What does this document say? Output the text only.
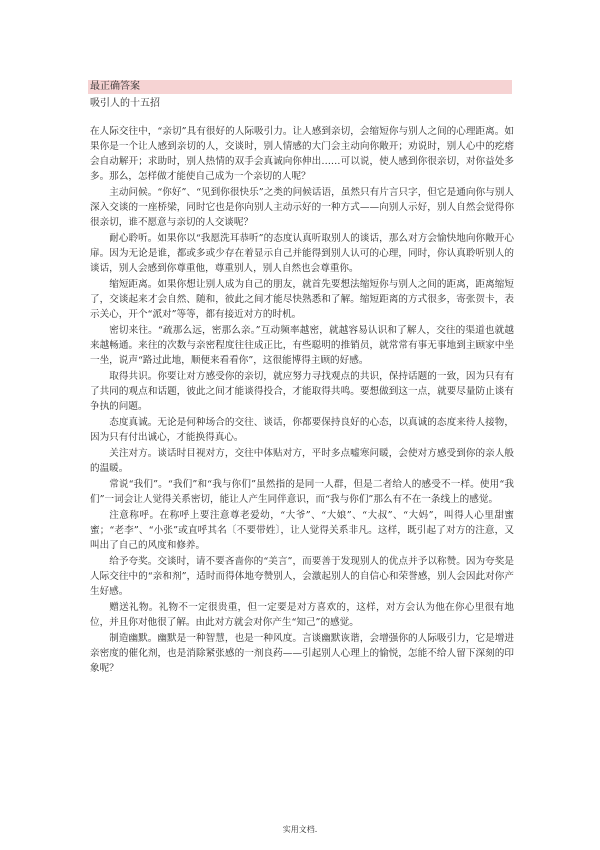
最正确答案
吸引人的十五招

在人际交往中，“亲切”具有很好的人际吸引力。让人感到亲切，会缩短你与别人之间的心理距离。如果你是一个让人感到亲切的人，交谈时，别人情感的大门会主动向你敞开；劝说时，别人心中的疙瘩会自动解开；求助时，别人热情的双手会真诚向你伸出……可以说，使人感到你很亲切，对你益处多多。那么，怎样做才能使自己成为一个亲切的人呢？

主动问候。“你好”、“见到你很快乐”之类的问候话语，虽然只有片言只字，但它是通向你与别人深入交谈的一座桥梁，同时它也是你向别人主动示好的一种方式——向别人示好，别人自然会觉得你很亲切，谁不愿意与亲切的人交谈呢？

耐心聆听。如果你以“我愿洗耳恭听”的态度认真听取别人的谈话，那么对方会愉快地向你敞开心扉。因为无论是谁，都或多或少存在着显示自己并能得到别人认可的心理，同时，你认真聆听别人的谈话，别人会感到你尊重他，尊重别人，别人自然也会尊重你。

缩短距离。如果你想让别人成为自己的朋友，就首先要想法缩短你与别人之间的距离，距离缩短了，交谈起来才会自然、随和，彼此之间才能尽快熟悉和了解。缩短距离的方式很多，寄张贺卡，表示关心，开个“派对”等等，都有接近对方的时机。

密切来往。“疏那么远，密那么亲。”互动频率越密，就越容易认识和了解人，交往的渠道也就越来越畅通。来往的次数与亲密程度往往成正比，有些聪明的推销员，就常常有事无事地到主顾家中坐一坐，说声“路过此地，顺便来看看你”，这很能博得主顾的好感。

取得共识。你要让对方感受你的亲切，就应努力寻找观点的共识，保持话题的一致，因为只有有了共同的观点和话题，彼此之间才能谈得投合，才能取得共鸣。要想做到这一点，就要尽量防止谈有争执的问题。

态度真诚。无论是何种场合的交往、谈话，你都要保持良好的心态，以真诚的态度来待人接物，因为只有付出诚心，才能换得真心。

关注对方。谈话时目视对方，交往中体贴对方，平时多点嘘寒问暖，会使对方感受到你的亲人般的温暖。

常说“我们”。“我们”和“我与你们”虽然指的是同一人群，但是二者给人的感受不一样。使用“我们”一词会让人觉得关系密切，能让人产生同伴意识，而“我与你们”那么有不在一条线上的感觉。

注意称呼。在称呼上要注意尊老爱幼，“大爷”、“大娘”、“大叔”、“大妈”，叫得人心里甜蜜蜜；“老李”、“小张”或直呼其名〔不要带姓〕，让人觉得关系非凡。这样，既引起了对方的注意，又叫出了自己的风度和修养。

给予夸奖。交谈时，请不要吝啬你的“美言”，而要善于发现别人的优点并予以称赞。因为夸奖是人际交往中的“亲和剂”，适时而得体地夸赞别人，会激起别人的自信心和荣誉感，别人会因此对你产生好感。

赠送礼物。礼物不一定很贵重，但一定要是对方喜欢的，这样，对方会认为他在你心里很有地位，并且你对他很了解。由此对方就会对你产生“知己”的感觉。

制造幽默。幽默是一种智慧，也是一种风度。言谈幽默诙谐，会增强你的人际吸引力，它是增进亲密度的催化剂，也是消除紧张感的一剂良药——引起别人心理上的愉悦，怎能不给人留下深刻的印象呢？

实用文档.
